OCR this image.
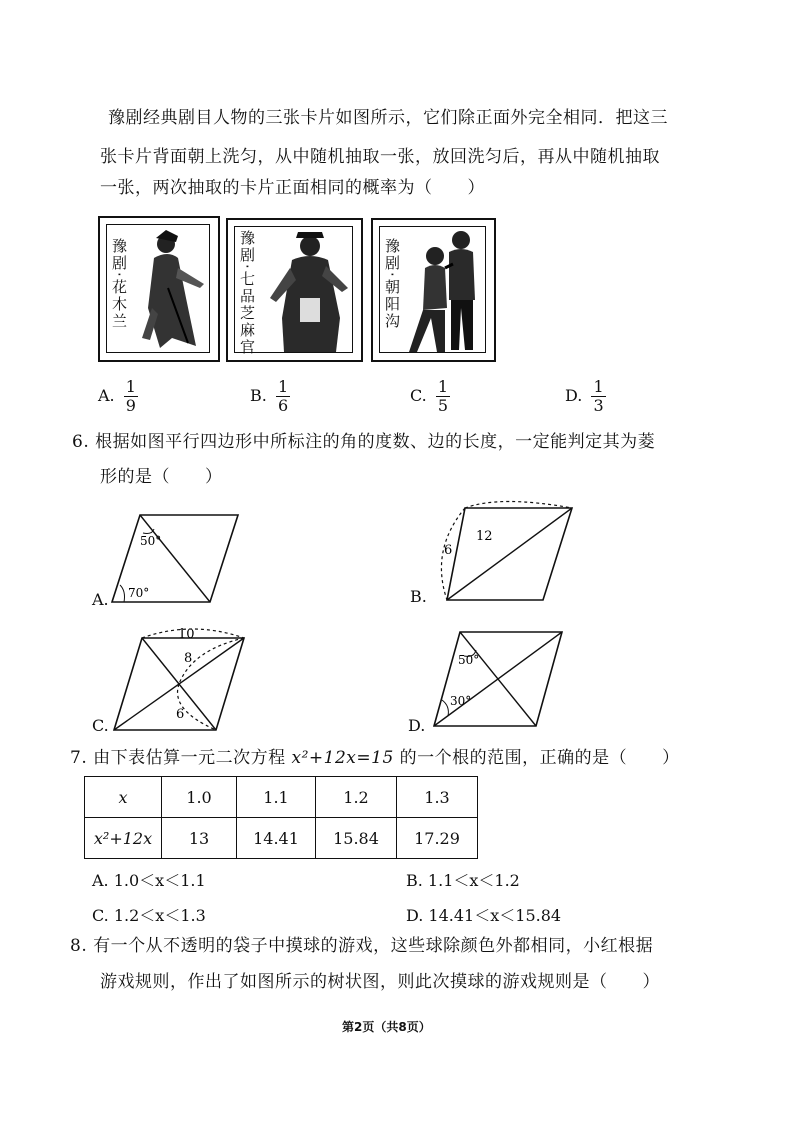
豫剧经典剧目人物的三张卡片如图所示，它们除正面外完全相同．把这三
张卡片背面朝上洗匀，从中随机抽取一张，放回洗匀后，再从中随机抽取
一张，两次抽取的卡片正面相同的概率为（　　）
豫剧·花木兰	豫剧·七品芝麻官	豫剧·朝阳沟
A. $\frac{1}{9}$	B. $\frac{1}{6}$	C. $\frac{1}{5}$	D. $\frac{1}{3}$
6. 根据如图平行四边形中所标注的角的度数、边的长度，一定能判定其为菱
形的是（　　）
50°
70°
A.
6
12
B.
10
8
6
C.
50°
30°
D.
7. 由下表估算一元二次方程 x²+12x=15 的一个根的范围，正确的是（　　）
x	1.0	1.1	1.2	1.3
x²+12x	13	14.41	15.84	17.29
A. 1.0＜x＜1.1	B. 1.1＜x＜1.2
C. 1.2＜x＜1.3	D. 14.41＜x＜15.84
8. 有一个从不透明的袋子中摸球的游戏，这些球除颜色外都相同，小红根据
游戏规则，作出了如图所示的树状图，则此次摸球的游戏规则是（　　）
第2页（共8页）
